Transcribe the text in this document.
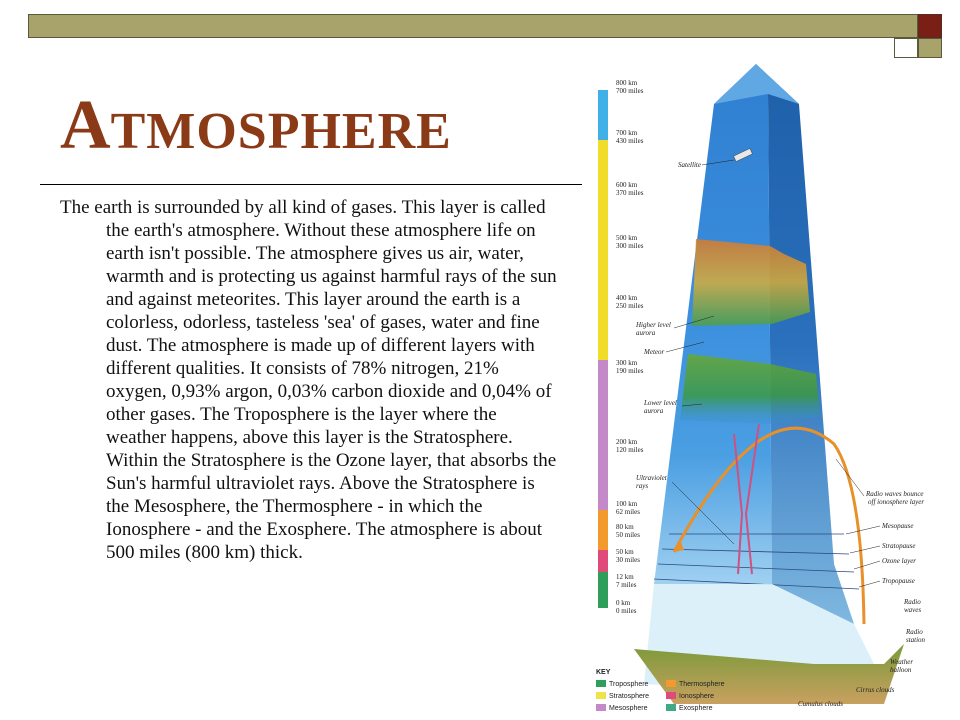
ATMOSPHERE
The earth is surrounded by all kind of gases. This layer is called the earth's atmosphere. Without these atmosphere life on earth isn't possible. The atmosphere gives us air, water, warmth and is protecting us against harmful rays of the sun and against meteorites. This layer around the earth is a colorless, odorless, tasteless 'sea' of gases, water and fine dust. The atmosphere is made up of different layers with different qualities. It consists of 78% nitrogen, 21% oxygen, 0,93% argon, 0,03% carbon dioxide and 0,04% of other gases. The Troposphere is the layer where the weather happens, above this layer is the Stratosphere. Within the Stratosphere is the Ozone layer, that absorbs the Sun's harmful ultraviolet rays. Above the Stratosphere is the Mesosphere, the Thermosphere - in which the Ionosphere - and the Exosphere. The atmosphere is about 500 miles (800 km) thick.
800 km
700 miles
700 km
430 miles
600 km
370 miles
500 km
300 miles
400 km
250 miles
300 km
190 miles
200 km
120 miles
100 km
62 miles
80 km
50 miles
50 km
30 miles
12 km
7 miles
0 km
0 miles
Satellite
Higher level
aurora
Meteor
Lower level
aurora
Ultraviolet
rays
Radio waves bounce
off ionosphere layer
Mesopause
Stratopause
Ozone layer
Tropopause
Radio
waves
Radio
station
Weather
balloon
Cirrus clouds
Cumulus clouds
KEY
Troposphere
Stratosphere
Mesosphere
Thermosphere
Ionosphere
Exosphere
